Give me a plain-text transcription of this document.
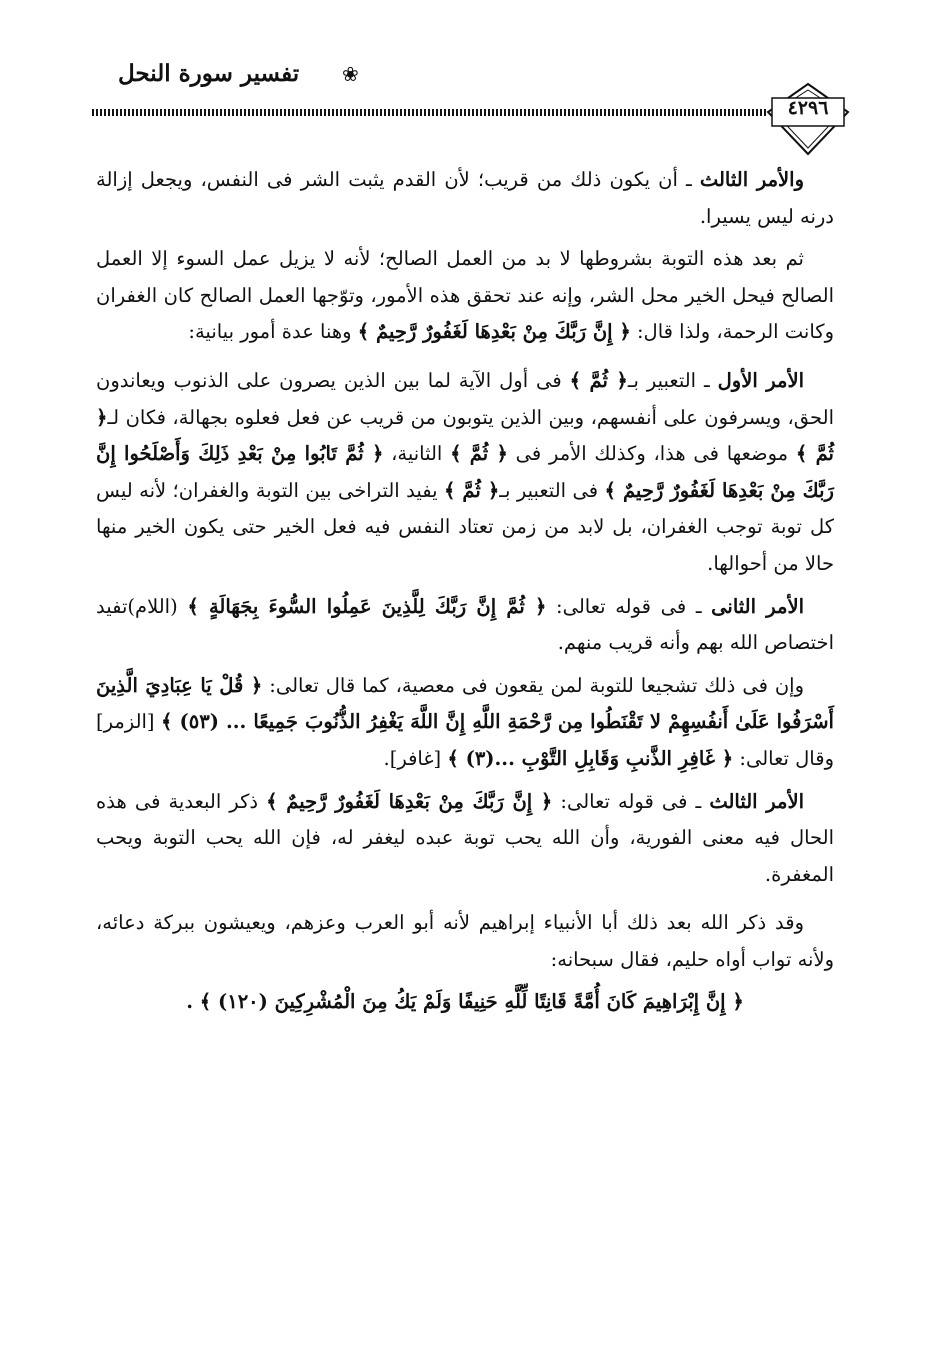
تفسير سورة النحل ❀
٤٢٩٦

والأمر الثالث ـ أن يكون ذلك من قريب؛ لأن القدم يثبت الشر فى النفس، ويجعل إزالة درنه ليس يسيرا.

ثم بعد هذه التوبة بشروطها لا بد من العمل الصالح؛ لأنه لا يزيل عمل السوء إلا العمل الصالح فيحل الخير محل الشر، وإنه عند تحقق هذه الأمور، وتوّجها العمل الصالح كان الغفران وكانت الرحمة، ولذا قال: ﴿ إِنَّ رَبَّكَ مِنْ بَعْدِهَا لَغَفُورٌ رَّحِيمٌ ﴾ وهنا عدة أمور بيانية:

الأمر الأول ـ التعبير بـ﴿ ثُمَّ ﴾ فى أول الآية لما بين الذين يصرون على الذنوب ويعاندون الحق، ويسرفون على أنفسهم، وبين الذين يتوبون من قريب عن فعل فعلوه بجهالة، فكان لـ﴿ ثُمَّ ﴾ موضعها فى هذا، وكذلك الأمر فى ﴿ ثُمَّ ﴾ الثانية، ﴿ ثُمَّ تَابُوا مِنْ بَعْدِ ذَلِكَ وَأَصْلَحُوا إِنَّ رَبَّكَ مِنْ بَعْدِهَا لَغَفُورٌ رَّحِيمٌ ﴾ فى التعبير بـ﴿ ثُمَّ ﴾ يفيد التراخى بين التوبة والغفران؛ لأنه ليس كل توبة توجب الغفران، بل لابد من زمن تعتاد النفس فيه فعل الخير حتى يكون الخير منها حالا من أحوالها.

الأمر الثانى ـ فى قوله تعالى: ﴿ ثُمَّ إِنَّ رَبَّكَ لِلَّذِينَ عَمِلُوا السُّوءَ بِجَهَالَةٍ ﴾ (اللام)تفيد اختصاص الله بهم وأنه قريب منهم.

وإن فى ذلك تشجيعا للتوبة لمن يقعون فى معصية، كما قال تعالى: ﴿ قُلْ يَا عِبَادِيَ الَّذِينَ أَسْرَفُوا عَلَىٰ أَنفُسِهِمْ لا تَقْنَطُوا مِن رَّحْمَةِ اللَّهِ إِنَّ اللَّهَ يَغْفِرُ الذُّنُوبَ جَمِيعًا ... (٥٣) ﴾ [الزمر] وقال تعالى: ﴿ غَافِرِ الذَّنبِ وَقَابِلِ التَّوْبِ ...(٣) ﴾ [غافر].

الأمر الثالث ـ فى قوله تعالى: ﴿ إِنَّ رَبَّكَ مِنْ بَعْدِهَا لَغَفُورٌ رَّحِيمٌ ﴾ ذكر البعدية فى هذه الحال فيه معنى الفورية، وأن الله يحب توبة عبده ليغفر له، فإن الله يحب التوبة ويحب المغفرة.

وقد ذكر الله بعد ذلك أبا الأنبياء إبراهيم لأنه أبو العرب وعزهم، ويعيشون ببركة دعائه، ولأنه تواب أواه حليم، فقال سبحانه:

﴿ إِنَّ إِبْرَاهِيمَ كَانَ أُمَّةً قَانِتًا لِّلَّهِ حَنِيفًا وَلَمْ يَكُ مِنَ الْمُشْرِكِينَ (١٢٠) ﴾ .
